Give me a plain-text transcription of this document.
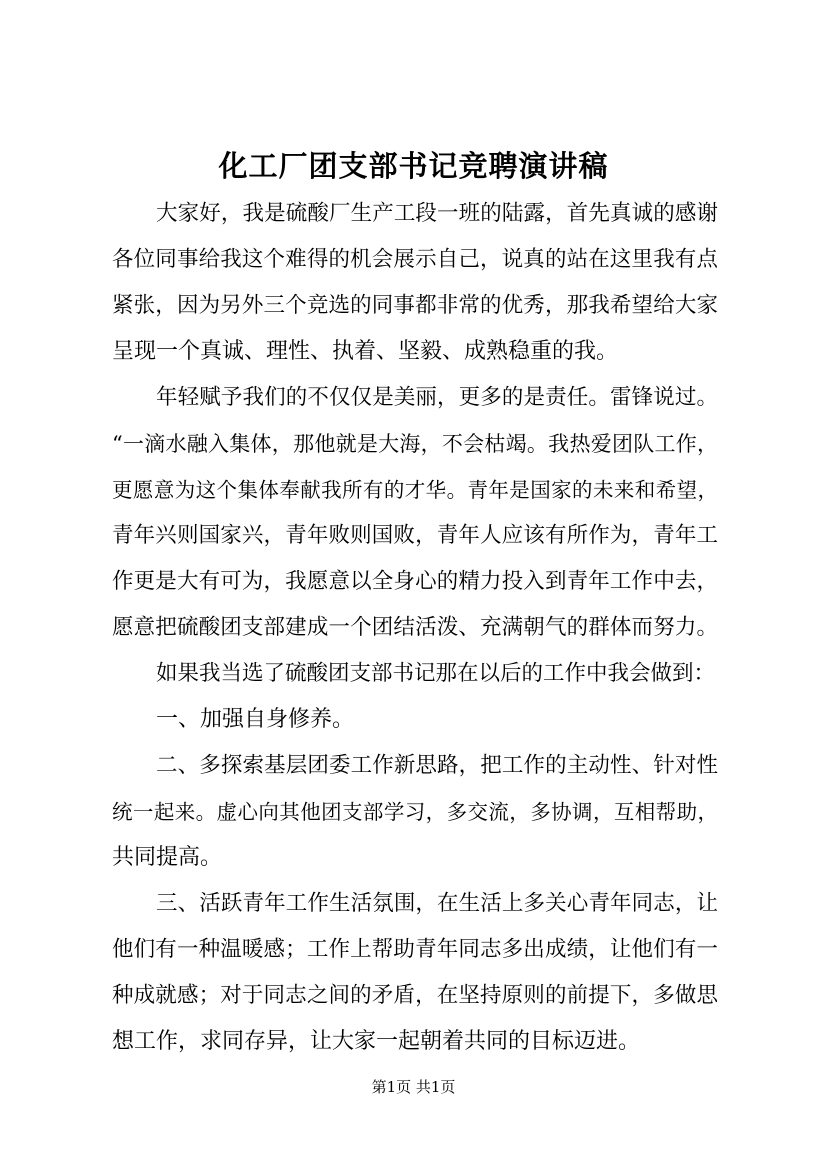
化工厂团支部书记竞聘演讲稿
大家好，我是硫酸厂生产工段一班的陆露，首先真诚的感谢
各位同事给我这个难得的机会展示自己，说真的站在这里我有点
紧张，因为另外三个竞选的同事都非常的优秀，那我希望给大家
呈现一个真诚、理性、执着、坚毅、成熟稳重的我。
年轻赋予我们的不仅仅是美丽，更多的是责任。雷锋说过。
“一滴水融入集体，那他就是大海，不会枯竭。我热爱团队工作，
更愿意为这个集体奉献我所有的才华。青年是国家的未来和希望，
青年兴则国家兴，青年败则国败，青年人应该有所作为，青年工
作更是大有可为，我愿意以全身心的精力投入到青年工作中去，
愿意把硫酸团支部建成一个团结活泼、充满朝气的群体而努力。
如果我当选了硫酸团支部书记那在以后的工作中我会做到：
一、加强自身修养。
二、多探索基层团委工作新思路，把工作的主动性、针对性
统一起来。虚心向其他团支部学习，多交流，多协调，互相帮助，
共同提高。
三、活跃青年工作生活氛围，在生活上多关心青年同志，让
他们有一种温暖感；工作上帮助青年同志多出成绩，让他们有一
种成就感；对于同志之间的矛盾，在坚持原则的前提下，多做思
想工作，求同存异，让大家一起朝着共同的目标迈进。
第1页 共1页
